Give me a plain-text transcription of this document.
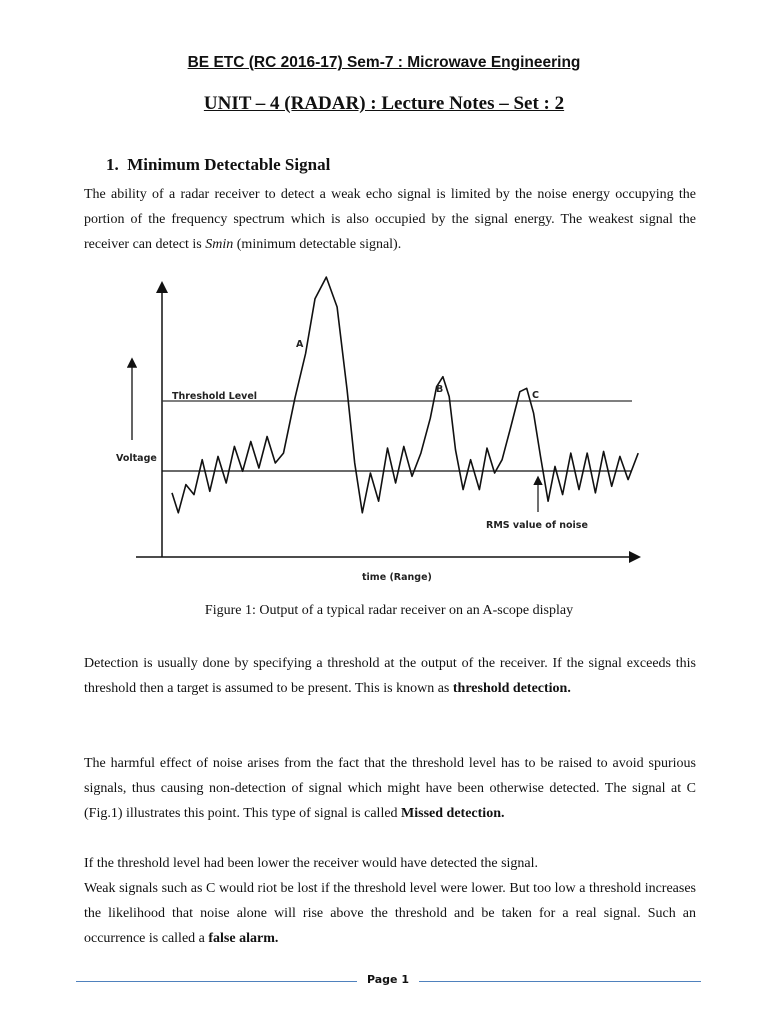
BE ETC (RC 2016-17) Sem-7 : Microwave Engineering
UNIT – 4 (RADAR) : Lecture Notes – Set : 2
1. Minimum Detectable Signal

The ability of a radar receiver to detect a weak echo signal is limited by the noise energy occupying the portion of the frequency spectrum which is also occupied by the signal energy. The weakest signal the receiver can detect is Smin (minimum detectable signal).

Threshold Level
Voltage
RMS value of noise
time (Range)
A
B
C
Figure 1: Output of a typical radar receiver on an A-scope display

Detection is usually done by specifying a threshold at the output of the receiver. If the signal exceeds this threshold then a target is assumed to be present. This is known as threshold detection.

The harmful effect of noise arises from the fact that the threshold level has to be raised to avoid spurious signals, thus causing non-detection of signal which might have been otherwise detected. The signal at C (Fig.1) illustrates this point. This type of signal is called Missed detection.

If the threshold level had been lower the receiver would have detected the signal.
Weak signals such as C would riot be lost if the threshold level were lower. But too low a threshold increases the likelihood that noise alone will rise above the threshold and be taken for a real signal. Such an occurrence is called a false alarm.

Page 1
